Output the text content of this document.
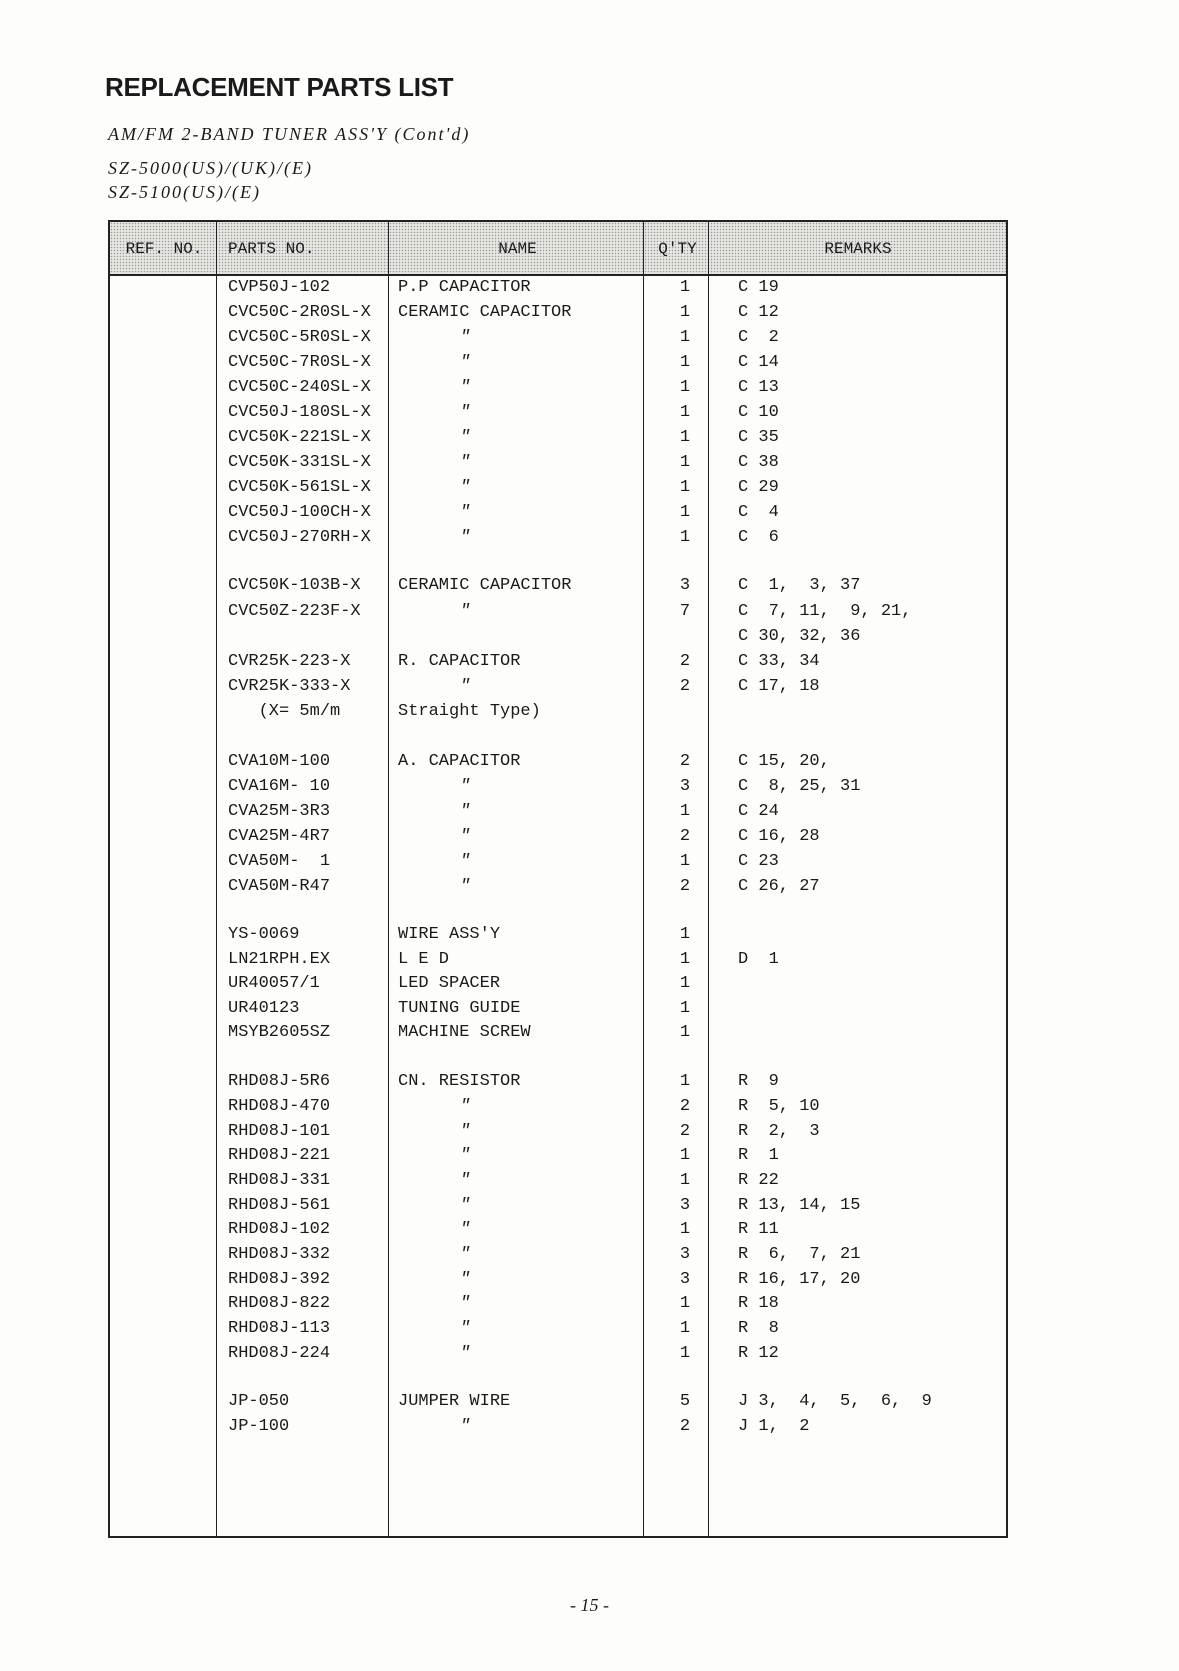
REPLACEMENT PARTS LIST
AM/FM 2-BAND TUNER ASS'Y (Cont'd)
SZ-5000(US)/(UK)/(E)
SZ-5100(US)/(E)
REF. NO.	PARTS NO.	NAME	Q'TY	REMARKS
CVP50J-102	P.P CAPACITOR	1	C 19
CVC50C-2R0SL-X CERAMIC CAPACITOR	1	C 12
CVC50C-5R0SL-X	″	1	C  2
CVC50C-7R0SL-X	″	1	C 14
CVC50C-240SL-X	″	1	C 13
CVC50J-180SL-X	″	1	C 10
CVC50K-221SL-X	″	1	C 35
CVC50K-331SL-X	″	1	C 38
CVC50K-561SL-X	″	1	C 29
CVC50J-100CH-X	″	1	C  4
CVC50J-270RH-X	″	1	C  6
CVC50K-103B-X CERAMIC CAPACITOR	3	C  1,  3, 37
CVC50Z-223F-X	″	7	C  7, 11,  9, 21,
C 30, 32, 36
CVR25K-223-X	R. CAPACITOR	2	C 33, 34
CVR25K-333-X	″	2	C 17, 18
(X= 5m/m	Straight Type)
CVA10M-100	A. CAPACITOR	2	C 15, 20,
CVA16M- 10	″	3	C  8, 25, 31
CVA25M-3R3	″	1	C 24
CVA25M-4R7	″	2	C 16, 28
CVA50M-  1	″	1	C 23
CVA50M-R47	″	2	C 26, 27
YS-0069	WIRE ASS'Y	1
LN21RPH.EX	L E D	1	D  1
UR40057/1	LED SPACER	1
UR40123	TUNING GUIDE	1
MSYB2605SZ	MACHINE SCREW	1
RHD08J-5R6	CN. RESISTOR	1	R  9
RHD08J-470	″	2	R  5, 10
RHD08J-101	″	2	R  2,  3
RHD08J-221	″	1	R  1
RHD08J-331	″	1	R 22
RHD08J-561	″	3	R 13, 14, 15
RHD08J-102	″	1	R 11
RHD08J-332	″	3	R  6,  7, 21
RHD08J-392	″	3	R 16, 17, 20
RHD08J-822	″	1	R 18
RHD08J-113	″	1	R  8
RHD08J-224	″	1	R 12
JP-050	JUMPER WIRE	5	J 3,  4,  5,  6,  9
JP-100	″	2	J 1,  2
- 15 -
